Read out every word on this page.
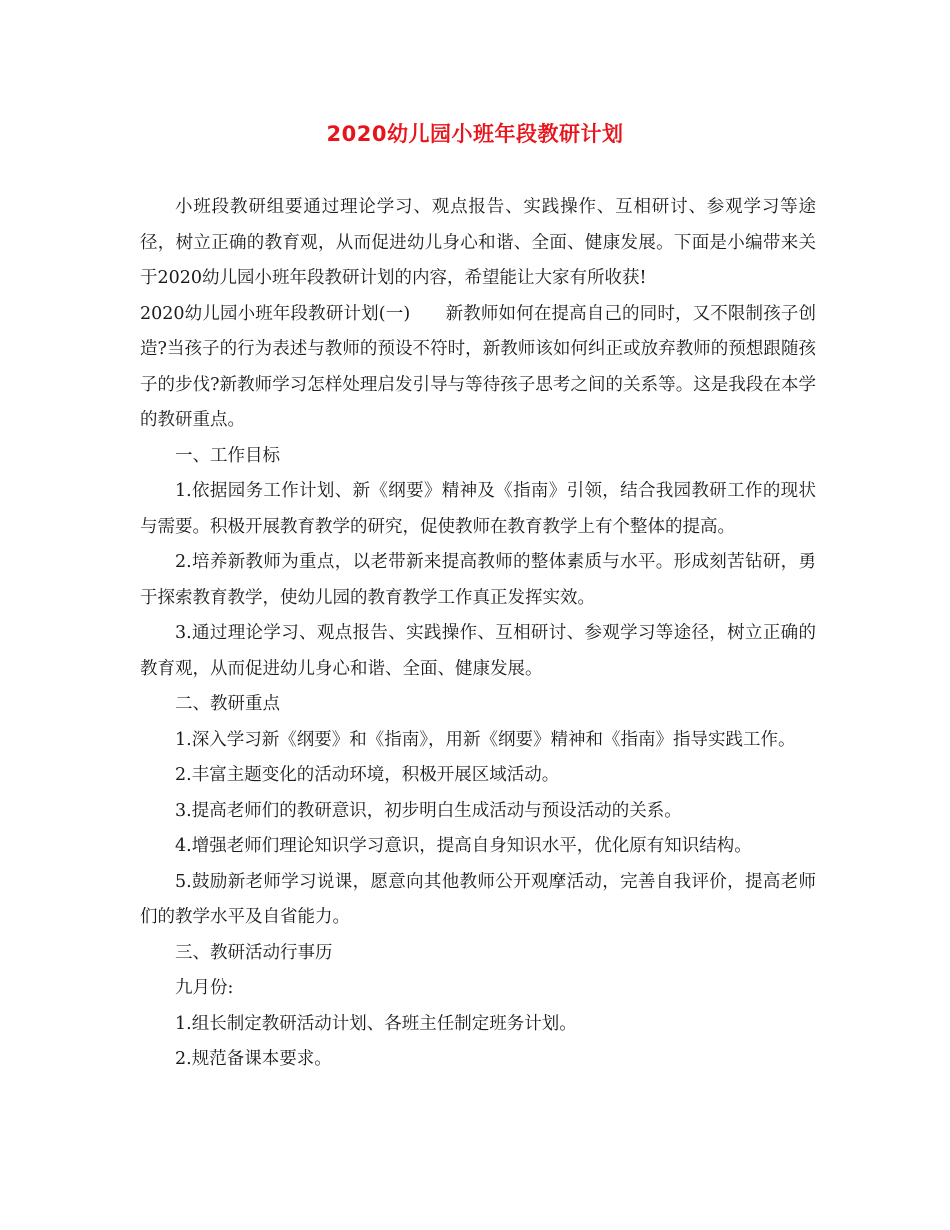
2020幼儿园小班年段教研计划

小班段教研组要通过理论学习、观点报告、实践操作、互相研讨、参观学习等途径，树立正确的教育观，从而促进幼儿身心和谐、全面、健康发展。下面是小编带来关于2020幼儿园小班年段教研计划的内容，希望能让大家有所收获!

2020幼儿园小班年段教研计划(一)　　新教师如何在提高自己的同时，又不限制孩子创造?当孩子的行为表述与教师的预设不符时，新教师该如何纠正或放弃教师的预想跟随孩子的步伐?新教师学习怎样处理启发引导与等待孩子思考之间的关系等。这是我段在本学的教研重点。

一、工作目标

1.依据园务工作计划、新《纲要》精神及《指南》引领，结合我园教研工作的现状与需要。积极开展教育教学的研究，促使教师在教育教学上有个整体的提高。

2.培养新教师为重点，以老带新来提高教师的整体素质与水平。形成刻苦钻研，勇于探索教育教学，使幼儿园的教育教学工作真正发挥实效。

3.通过理论学习、观点报告、实践操作、互相研讨、参观学习等途径，树立正确的教育观，从而促进幼儿身心和谐、全面、健康发展。

二、教研重点

1.深入学习新《纲要》和《指南》，用新《纲要》精神和《指南》指导实践工作。

2.丰富主题变化的活动环境，积极开展区域活动。

3.提高老师们的教研意识，初步明白生成活动与预设活动的关系。

4.增强老师们理论知识学习意识，提高自身知识水平，优化原有知识结构。

5.鼓励新老师学习说课，愿意向其他教师公开观摩活动，完善自我评价，提高老师们的教学水平及自省能力。

三、教研活动行事历

九月份:

1.组长制定教研活动计划、各班主任制定班务计划。

2.规范备课本要求。
